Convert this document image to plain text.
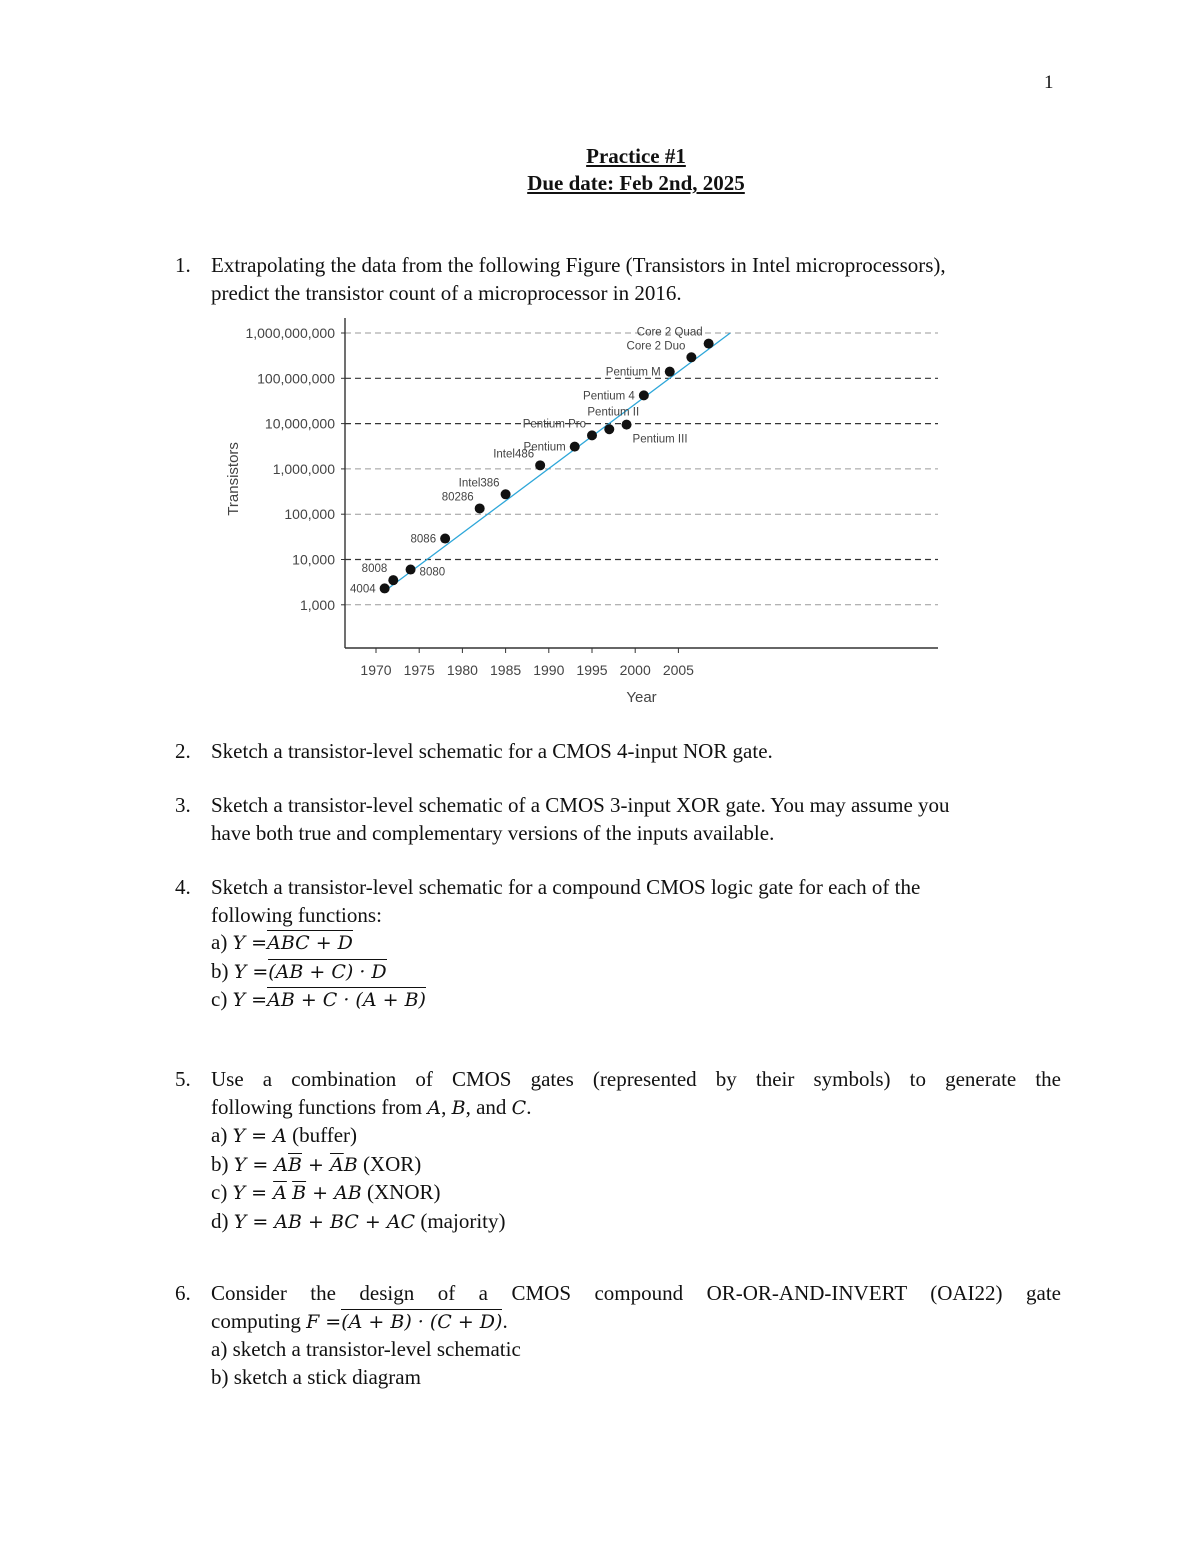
1
Practice #1
Due date: Feb 2nd, 2025
1. Extrapolating the data from the following Figure (Transistors in Intel microprocessors),
predict the transistor count of a microprocessor in 2016.
1,000
10,000
100,000
1,000,000
10,000,000
100,000,000
1,000,000,000
1970 1975 1980 1985 1990 1995 2000 2005
Year
Transistors
4004
8008	8080
8086
80286
Intel386
Intel486
Pentium
Pentium Pro
Pentium II
Pentium III
Pentium 4
Pentium M
Core 2 Duo
Core 2 Quad
2. Sketch a transistor-level schematic for a CMOS 4-input NOR gate.
3. Sketch a transistor-level schematic of a CMOS 3-input XOR gate. You may assume you
have both true and complementary versions of the inputs available.
4. Sketch a transistor-level schematic for a compound CMOS logic gate for each of the
following functions:
a) Y =ABC + D
b) Y =(AB + C) · D
c) Y =AB + C · (A + B)
5. Use a combination of CMOS gates (represented by their symbols) to generate the
following functions from A, B, and C.
a) Y = A (buffer)
b) $Y = A\overline{B} + \overline{A}B$ (XOR)
c) $Y = \overline{A}$ $\overline{B}$ + AB (XNOR)
d) Y = AB + BC + AC (majority)
6. Consider the design of a CMOS compound OR-OR-AND-INVERT (OAI22) gate
computing F =(A + B) · (C + D).
a) sketch a transistor-level schematic
b) sketch a stick diagram
